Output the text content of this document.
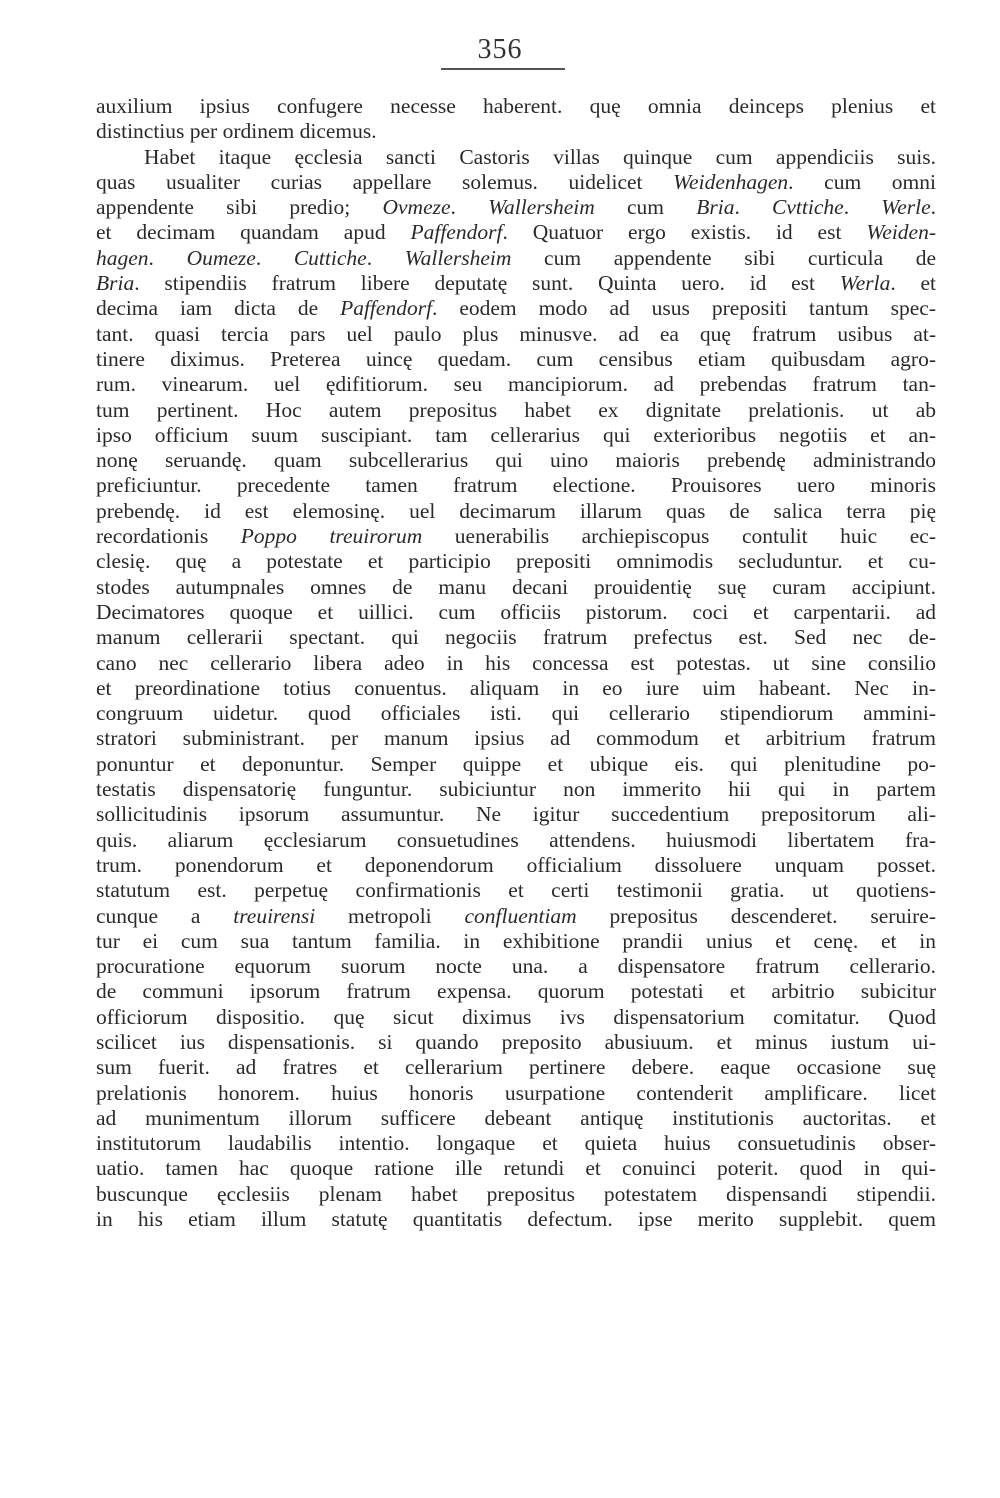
356
auxilium ipsius confugere necesse haberent. quę omnia deinceps plenius et
distinctius per ordinem dicemus.
Habet itaque ęcclesia sancti Castoris villas quinque cum appendiciis suis.
quas usualiter curias appellare solemus. uidelicet Weidenhagen. cum omni
appendente sibi predio; Ovmeze. Wallersheim cum Bria. Cvttiche. Werle.
et decimam quandam apud Paffendorf. Quatuor ergo existis. id est Weiden-
hagen. Oumeze. Cuttiche. Wallersheim cum appendente sibi curticula de
Bria. stipendiis fratrum libere deputatę sunt. Quinta uero. id est Werla. et
decima iam dicta de Paffendorf. eodem modo ad usus prepositi tantum spec-
tant. quasi tercia pars uel paulo plus minusve. ad ea quę fratrum usibus at-
tinere diximus. Preterea uincę quedam. cum censibus etiam quibusdam agro-
rum. vinearum. uel ędifitiorum. seu mancipiorum. ad prebendas fratrum tan-
tum pertinent. Hoc autem prepositus habet ex dignitate prelationis. ut ab
ipso officium suum suscipiant. tam cellerarius qui exterioribus negotiis et an-
nonę seruandę. quam subcellerarius qui uino maioris prebendę administrando
preficiuntur. precedente tamen fratrum electione. Prouisores uero minoris
prebendę. id est elemosinę. uel decimarum illarum quas de salica terra pię
recordationis Poppo treuirorum uenerabilis archiepiscopus contulit huic ec-
clesię. quę a potestate et participio prepositi omnimodis secluduntur. et cu-
stodes autumpnales omnes de manu decani prouidentię suę curam accipiunt.
Decimatores quoque et uillici. cum officiis pistorum. coci et carpentarii. ad
manum cellerarii spectant. qui negociis fratrum prefectus est. Sed nec de-
cano nec cellerario libera adeo in his concessa est potestas. ut sine consilio
et preordinatione totius conuentus. aliquam in eo iure uim habeant. Nec in-
congruum uidetur. quod officiales isti. qui cellerario stipendiorum ammini-
stratori subministrant. per manum ipsius ad commodum et arbitrium fratrum
ponuntur et deponuntur. Semper quippe et ubique eis. qui plenitudine po-
testatis dispensatorię funguntur. subiciuntur non immerito hii qui in partem
sollicitudinis ipsorum assumuntur. Ne igitur succedentium prepositorum ali-
quis. aliarum ęcclesiarum consuetudines attendens. huiusmodi libertatem fra-
trum. ponendorum et deponendorum officialium dissoluere unquam posset.
statutum est. perpetuę confirmationis et certi testimonii gratia. ut quotiens-
cunque a treuirensi metropoli confluentiam prepositus descenderet. seruire-
tur ei cum sua tantum familia. in exhibitione prandii unius et cenę. et in
procuratione equorum suorum nocte una. a dispensatore fratrum cellerario.
de communi ipsorum fratrum expensa. quorum potestati et arbitrio subicitur
officiorum dispositio. quę sicut diximus ivs dispensatorium comitatur. Quod
scilicet ius dispensationis. si quando preposito abusiuum. et minus iustum ui-
sum fuerit. ad fratres et cellerarium pertinere debere. eaque occasione suę
prelationis honorem. huius honoris usurpatione contenderit amplificare. licet
ad munimentum illorum sufficere debeant antiquę institutionis auctoritas. et
institutorum laudabilis intentio. longaque et quieta huius consuetudinis obser-
uatio. tamen hac quoque ratione ille retundi et conuinci poterit. quod in qui-
buscunque ęcclesiis plenam habet prepositus potestatem dispensandi stipendii.
in his etiam illum statutę quantitatis defectum. ipse merito supplebit. quem
